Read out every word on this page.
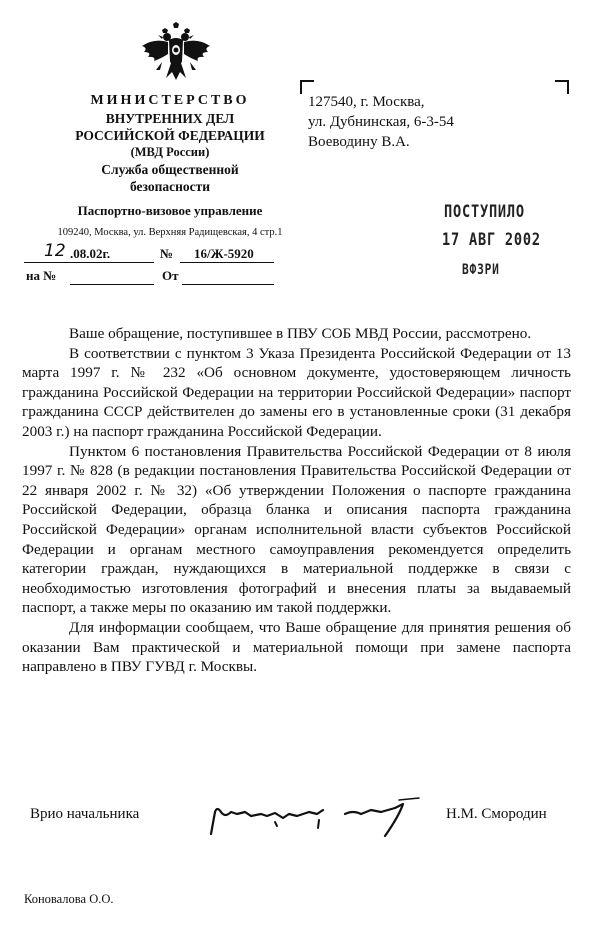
МИНИСТЕРСТВО
ВНУТРЕННИХ ДЕЛ
РОССИЙСКОЙ ФЕДЕРАЦИИ
(МВД России)
Служба общественной
безопасности
Паспортно-визовое управление
109240, Москва, ул. Верхняя Радищевская, 4 стр.1
12 .08.02г.	№ 16/Ж-5920
на №	От
127540, г. Москва,
ул. Дубнинская, 6-3-54
Воеводину В.А.
ПОСТУПИЛО
17 АВГ 2002
ВФЗРИ

Ваше обращение, поступившее в ПВУ СОБ МВД России, рассмотрено.

В соответствии с пунктом 3 Указа Президента Российской Федерации от 13 марта 1997 г. № 232 «Об основном документе, удостоверяющем личность гражданина Российской Федерации на территории Российской Федерации» паспорт гражданина СССР действителен до замены его в установленные сроки (31 декабря 2003 г.) на паспорт гражданина Российской Федерации.

Пунктом 6 постановления Правительства Российской Федерации от 8 июля 1997 г. № 828 (в редакции постановления Правительства Российской Федерации от 22 января 2002 г. № 32) «Об утверждении Положения о паспорте гражданина Российской Федерации, образца бланка и описания паспорта гражданина Российской Федерации» органам исполнительной власти субъектов Российской Федерации и органам местного самоуправления рекомендуется определить категории граждан, нуждающихся в материальной поддержке в связи с необходимостью изготовления фотографий и внесения платы за выдаваемый паспорт, а также меры по оказанию им такой поддержки.

Для информации сообщаем, что Ваше обращение для принятия решения об оказании Вам практической и материальной помощи при замене паспорта направлено в ПВУ ГУВД г. Москвы.

Врио начальника	Н.М. Смородин
Коновалова О.О.
